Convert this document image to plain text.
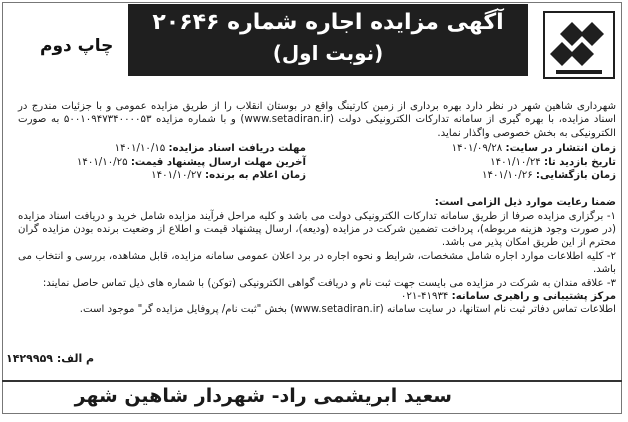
آگهی مزایده اجاره شماره ۲۰۶۴۶
(نوبت اول)
چاپ دوم

شهرداری شاهین شهر در نظر دارد بهره برداری از زمین کارتینگ واقع در بوستان انقلاب را از طریق مزایده عمومی و با جزئیات مندرج در اسناد مزایده، با بهره گیری از سامانه تدارکات الکترونیکی دولت (www.setadiran.ir) و با شماره مزایده ۵۰۰۱۰۹۴۷۳۴۰۰۰۰۵۳ به صورت الکترونیکی به بخش خصوصی واگذار نماید.

زمان انتشار در سایت: ۱۴۰۱/۰۹/۲۸
تاریخ بازدید تا: ۱۴۰۱/۱۰/۲۴
زمان بازگشایی: ۱۴۰۱/۱۰/۲۶
مهلت دریافت اسناد مزایده: ۱۴۰۱/۱۰/۱۵
آخرین مهلت ارسال پیشنهاد قیمت: ۱۴۰۱/۱۰/۲۵
زمان اعلام به برنده: ۱۴۰۱/۱۰/۲۷

ضمنا رعایت موارد ذیل الزامی است:

۱- برگزاری مزایده صرفا از طریق سامانه تدارکات الکترونیکی دولت می باشد و کلیه مراحل فرآیند مزایده شامل خرید و دریافت اسناد مزایده (در صورت وجود هزینه مربوطه)، پرداخت تضمین شرکت در مزایده (ودیعه)، ارسال پیشنهاد قیمت و اطلاع از وضعیت برنده بودن مزایده گران محترم از این طریق امکان پذیر می باشد.

۲- کلیه اطلاعات موارد اجاره شامل مشخصات، شرایط و نحوه اجاره در برد اعلان عمومی سامانه مزایده، قابل مشاهده، بررسی و انتخاب می باشد.

۳- علاقه مندان به شرکت در مزایده می بایست جهت ثبت نام و دریافت گواهی الکترونیکی (توکن) با شماره های ذیل تماس حاصل نمایند:

مرکز پشتیبانی و راهبری سامانه: ۴۱۹۳۴-۰۲۱

اطلاعات تماس دفاتر ثبت نام استانها، در سایت سامانه (www.setadiran.ir) بخش "ثبت نام/ پروفایل مزایده گر" موجود است.

م الف: ۱۴۲۹۹۵۹
سعید ابریشمی راد- شهردار شاهین شهر
